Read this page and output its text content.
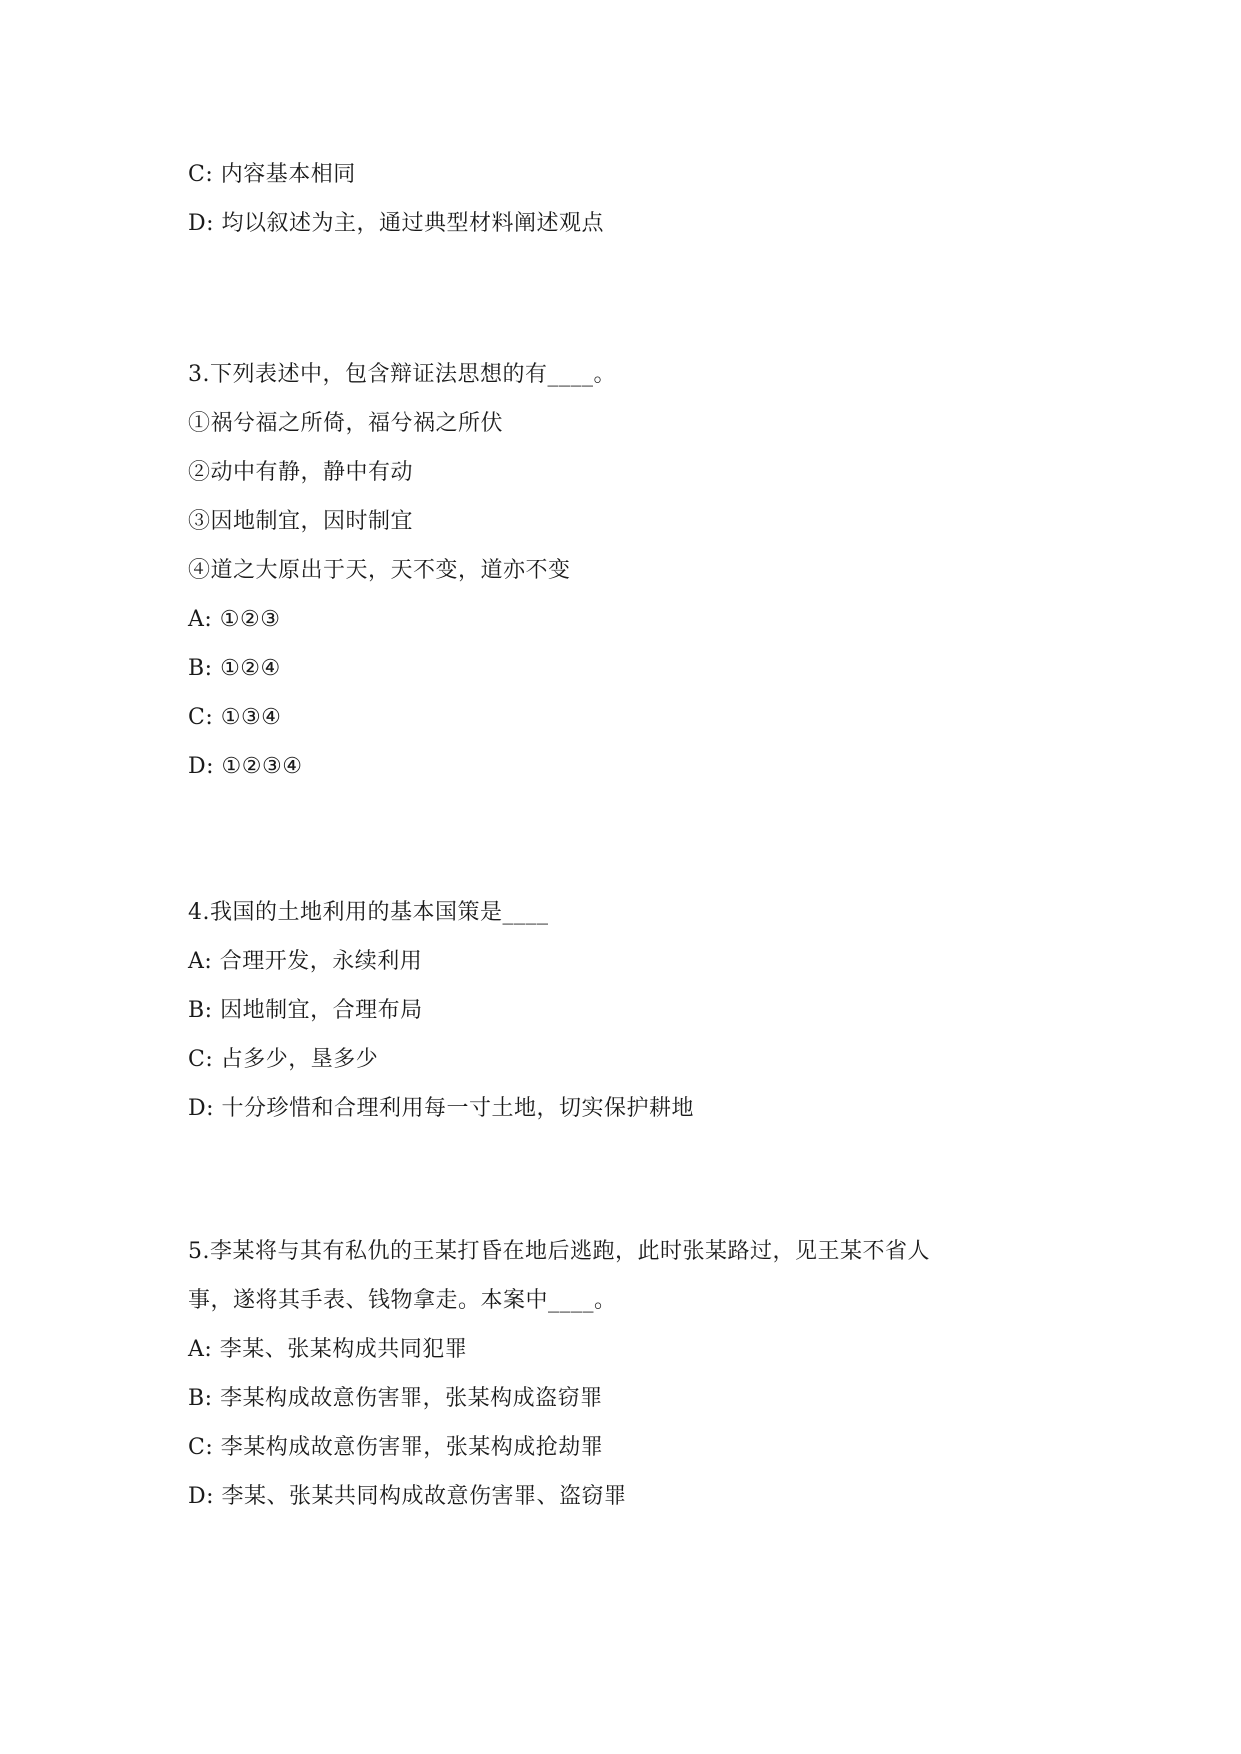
C: 内容基本相同
D: 均以叙述为主，通过典型材料阐述观点
3.下列表述中，包含辩证法思想的有____。
①祸兮福之所倚，福兮祸之所伏
②动中有静，静中有动
③因地制宜，因时制宜
④道之大原出于天，天不变，道亦不变
A: ①②③
B: ①②④
C: ①③④
D: ①②③④
4.我国的土地利用的基本国策是____
A: 合理开发，永续利用
B: 因地制宜，合理布局
C: 占多少，垦多少
D: 十分珍惜和合理利用每一寸土地，切实保护耕地
5.李某将与其有私仇的王某打昏在地后逃跑，此时张某路过，见王某不省人
事，遂将其手表、钱物拿走。本案中____。
A: 李某、张某构成共同犯罪
B: 李某构成故意伤害罪，张某构成盗窃罪
C: 李某构成故意伤害罪，张某构成抢劫罪
D: 李某、张某共同构成故意伤害罪、盗窃罪
